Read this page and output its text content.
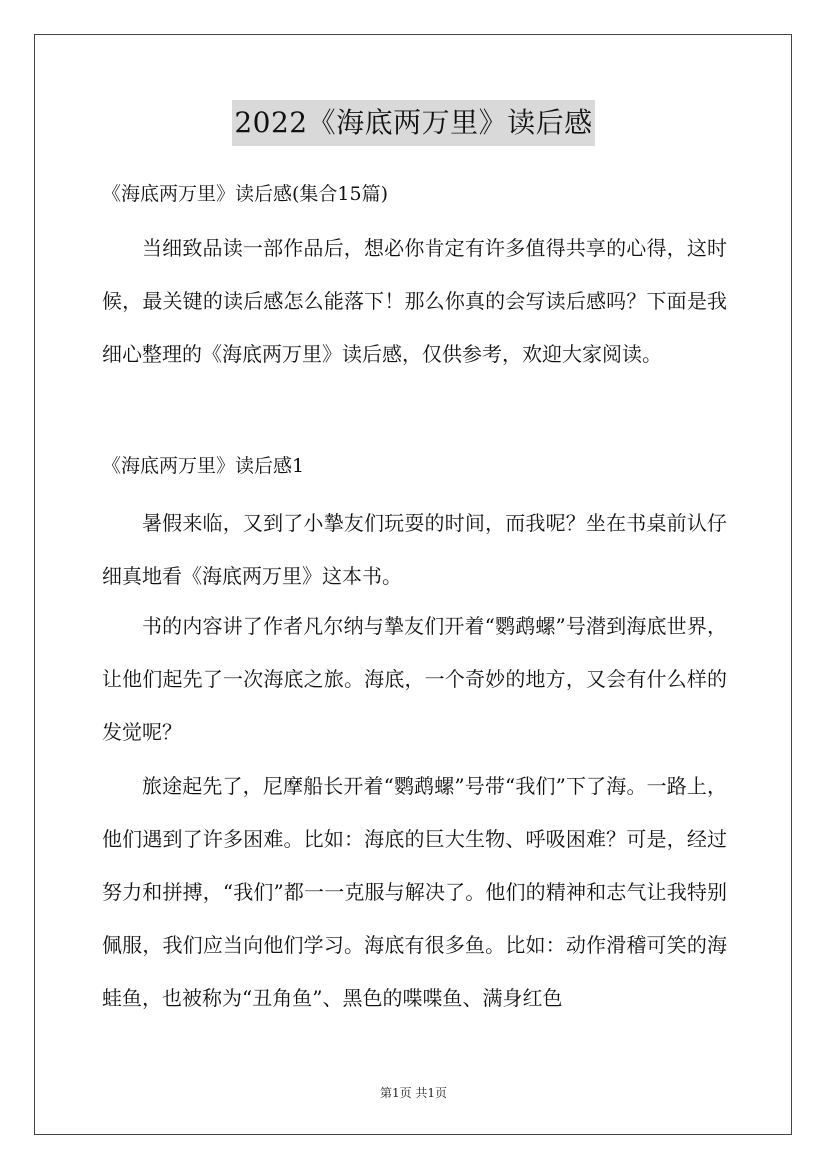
2022《海底两万里》读后感
《海底两万里》读后感(集合15篇)

当细致品读一部作品后，想必你肯定有许多值得共享的心得，这时候，最关键的读后感怎么能落下！那么你真的会写读后感吗？下面是我细心整理的《海底两万里》读后感，仅供参考，欢迎大家阅读。

《海底两万里》读后感1

暑假来临，又到了小摯友们玩耍的时间，而我呢？坐在书桌前认仔细真地看《海底两万里》这本书。

书的内容讲了作者凡尔纳与摯友们开着“鹦鹉螺”号潜到海底世界，让他们起先了一次海底之旅。海底，一个奇妙的地方，又会有什么样的发觉呢？

旅途起先了，尼摩船长开着“鹦鹉螺”号带“我们”下了海。一路上，他们遇到了许多困难。比如：海底的巨大生物、呼吸困难？可是，经过努力和拼搏，“我们”都一一克服与解决了。他们的精神和志气让我特别佩服，我们应当向他们学习。海底有很多鱼。比如：动作滑稽可笑的海蛙鱼，也被称为“丑角鱼”、黑色的喋喋鱼、满身红色

第1页 共1页
